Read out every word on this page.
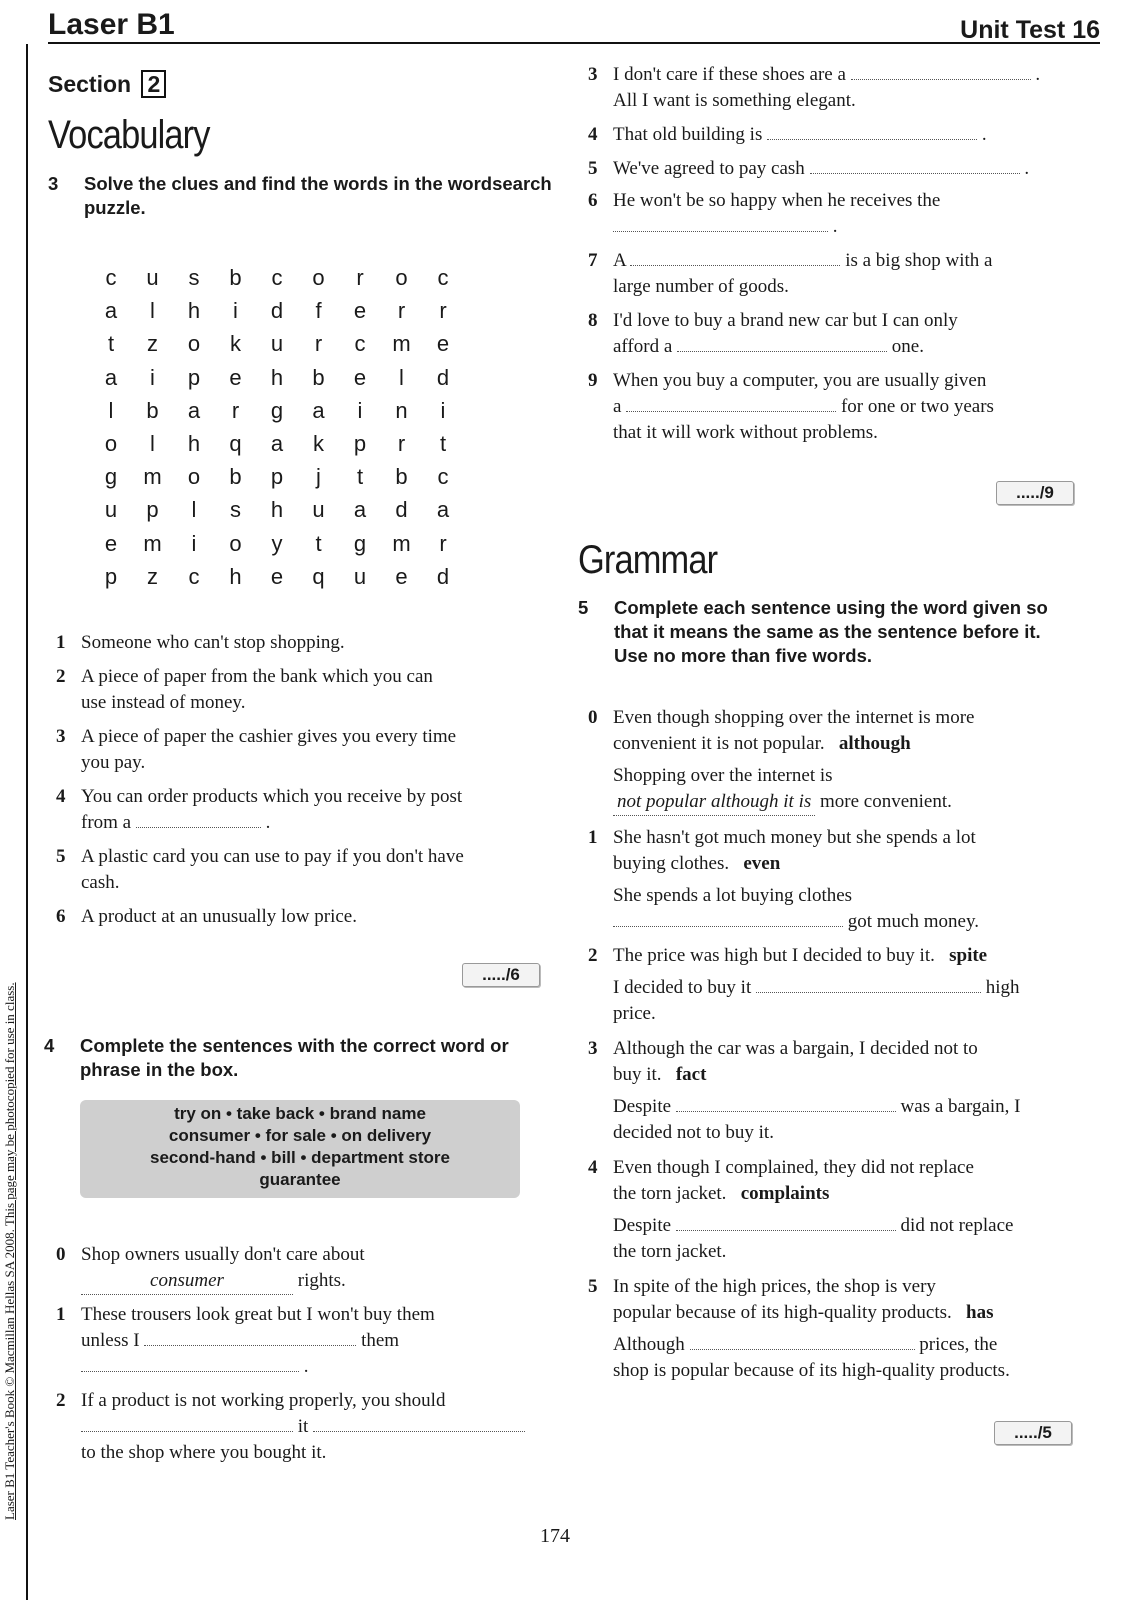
Laser B1	Unit Test 16
Laser B1 Teacher's Book © Macmillan Hellas SA 2008. This page may be photocopied for use in class.
Section 2
Vocabulary
3 Solve the clues and find the words in the wordsearch puzzle.
c	u	s	b	c	o	r	o	c
a	l	h	i	d	f	e	r	r
t	z	o	k	u	r	c	m	e
a	i	p	e	h	b	e	l	d
l	b	a	r	g	a	i	n	i
o	l	h	q	a	k	p	r	t
g	m	o	b	p	j	t	b	c
u	p	l	s	h	u	a	d	a
e	m	i	o	y	t	g	m	r
p	z	c	h	e	q	u	e	d
1 Someone who can't stop shopping.
2 A piece of paper from the bank which you can
use instead of money.
3 A piece of paper the cashier gives you every time
you pay.
4 You can order products which you receive by post
from a	.
5 A plastic card you can use to pay if you don't have
cash.
6 A product at an unusually low price.
...../6
4 Complete the sentences with the correct word or phrase in the box.
try on • take back • brand name
consumer • for sale • on delivery
second-hand • bill • department store
guarantee
0 Shop owners usually don't care about
consumer	rights.
1 These trousers look great but I won't buy them
unless I	them
.
2 If a product is not working properly, you should
it
to the shop where you bought it.
3 I don't care if these shoes are a	.
All I want is something elegant.
4 That old building is	.
5 We've agreed to pay cash	.
6 He won't be so happy when he receives the
.
7 A	is a big shop with a
large number of goods.
8 I'd love to buy a brand new car but I can only
afford a	one.
9 When you buy a computer, you are usually given
a	for one or two years
that it will work without problems.
...../9
Grammar
5 Complete each sentence using the word given so that it means the same as the sentence before it. Use no more than five words.
0 Even though shopping over the internet is more
convenient it is not popular. although
Shopping over the internet is
not popular although it is more convenient.
1 She hasn't got much money but she spends a lot
buying clothes. even
She spends a lot buying clothes
got much money.
2 The price was high but I decided to buy it. spite
I decided to buy it	high
price.
3 Although the car was a bargain, I decided not to
buy it. fact
Despite	was a bargain, I
decided not to buy it.
4 Even though I complained, they did not replace
the torn jacket. complaints
Despite	did not replace
the torn jacket.
5 In spite of the high prices, the shop is very
popular because of its high-quality products. has
Although	prices, the
shop is popular because of its high-quality products.
...../5
174
